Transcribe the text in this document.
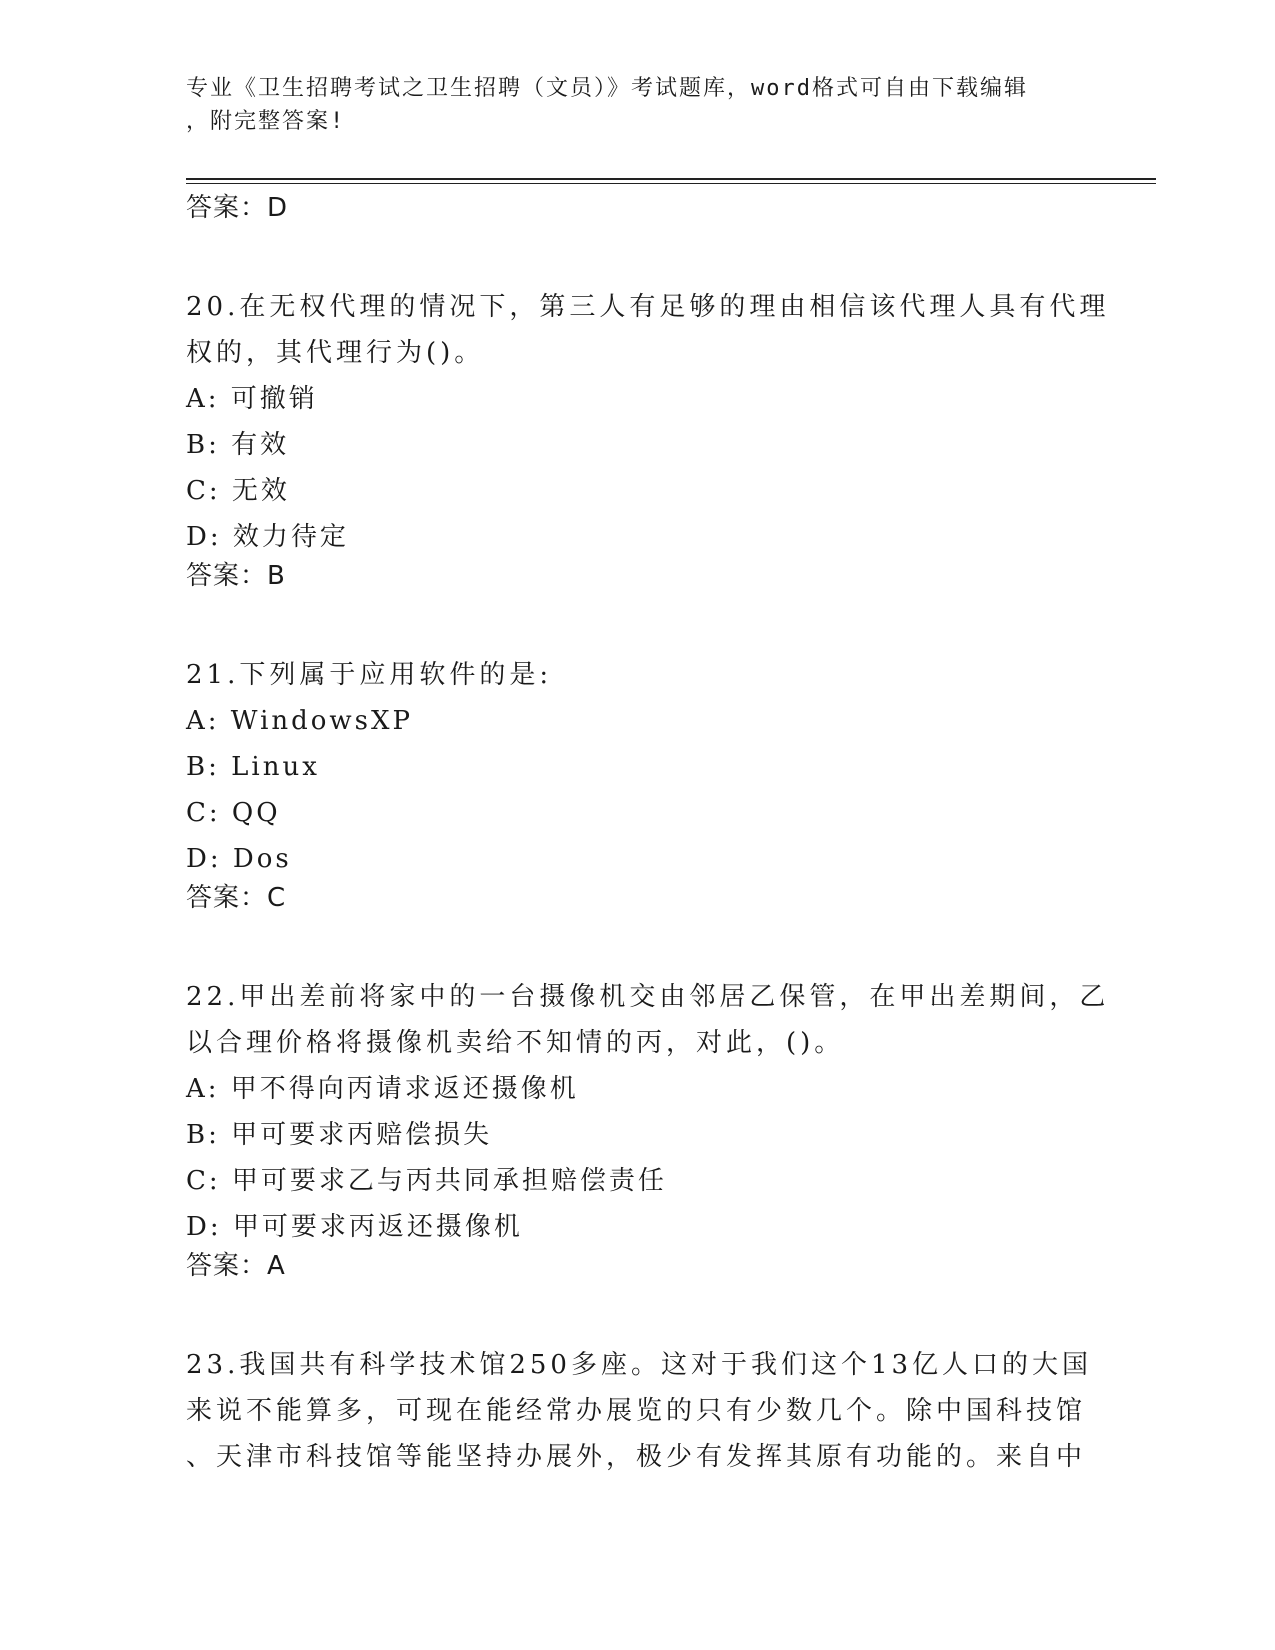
专业《卫生招聘考试之卫生招聘（文员）》考试题库，word格式可自由下载编辑
，附完整答案!
答案：D
20.在无权代理的情况下，第三人有足够的理由相信该代理人具有代理
权的，其代理行为()。
A: 可撤销
B: 有效
C: 无效
D: 效力待定
答案：B
21.下列属于应用软件的是:
A: WindowsXP
B: Linux
C: QQ
D: Dos
答案：C
22.甲出差前将家中的一台摄像机交由邻居乙保管，在甲出差期间，乙
以合理价格将摄像机卖给不知情的丙，对此，()。
A: 甲不得向丙请求返还摄像机
B: 甲可要求丙赔偿损失
C: 甲可要求乙与丙共同承担赔偿责任
D: 甲可要求丙返还摄像机
答案：A
23.我国共有科学技术馆250多座。这对于我们这个13亿人口的大国
来说不能算多，可现在能经常办展览的只有少数几个。除中国科技馆
、天津市科技馆等能坚持办展外，极少有发挥其原有功能的。来自中
